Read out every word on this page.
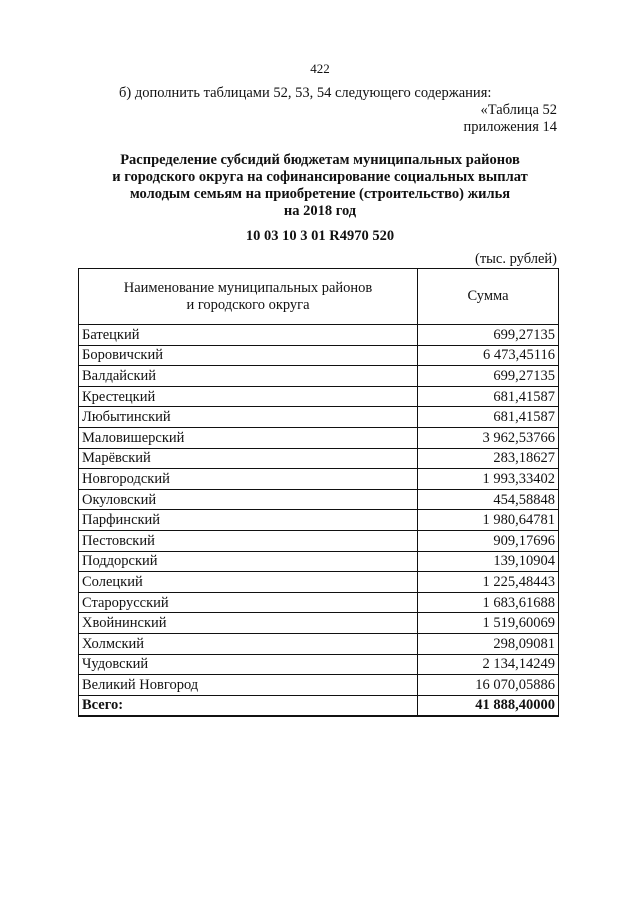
422
б) дополнить таблицами 52, 53, 54 следующего содержания:
«Таблица 52
приложения 14
Распределение субсидий бюджетам муниципальных районов
и городского округа на софинансирование социальных выплат
молодым семьям на приобретение (строительство) жилья
на 2018 год
10 03 10 3 01 R4970 520
(тыс. рублей)
Наименование муниципальных районов
и городского округа	Сумма
Батецкий	699,27135
Боровичский	6 473,45116
Валдайский	699,27135
Крестецкий	681,41587
Любытинский	681,41587
Маловишерский	3 962,53766
Марёвский	283,18627
Новгородский	1 993,33402
Окуловский	454,58848
Парфинский	1 980,64781
Пестовский	909,17696
Поддорский	139,10904
Солецкий	1 225,48443
Старорусский	1 683,61688
Хвойнинский	1 519,60069
Холмский	298,09081
Чудовский	2 134,14249
Великий Новгород	16 070,05886
Всего:	41 888,40000
